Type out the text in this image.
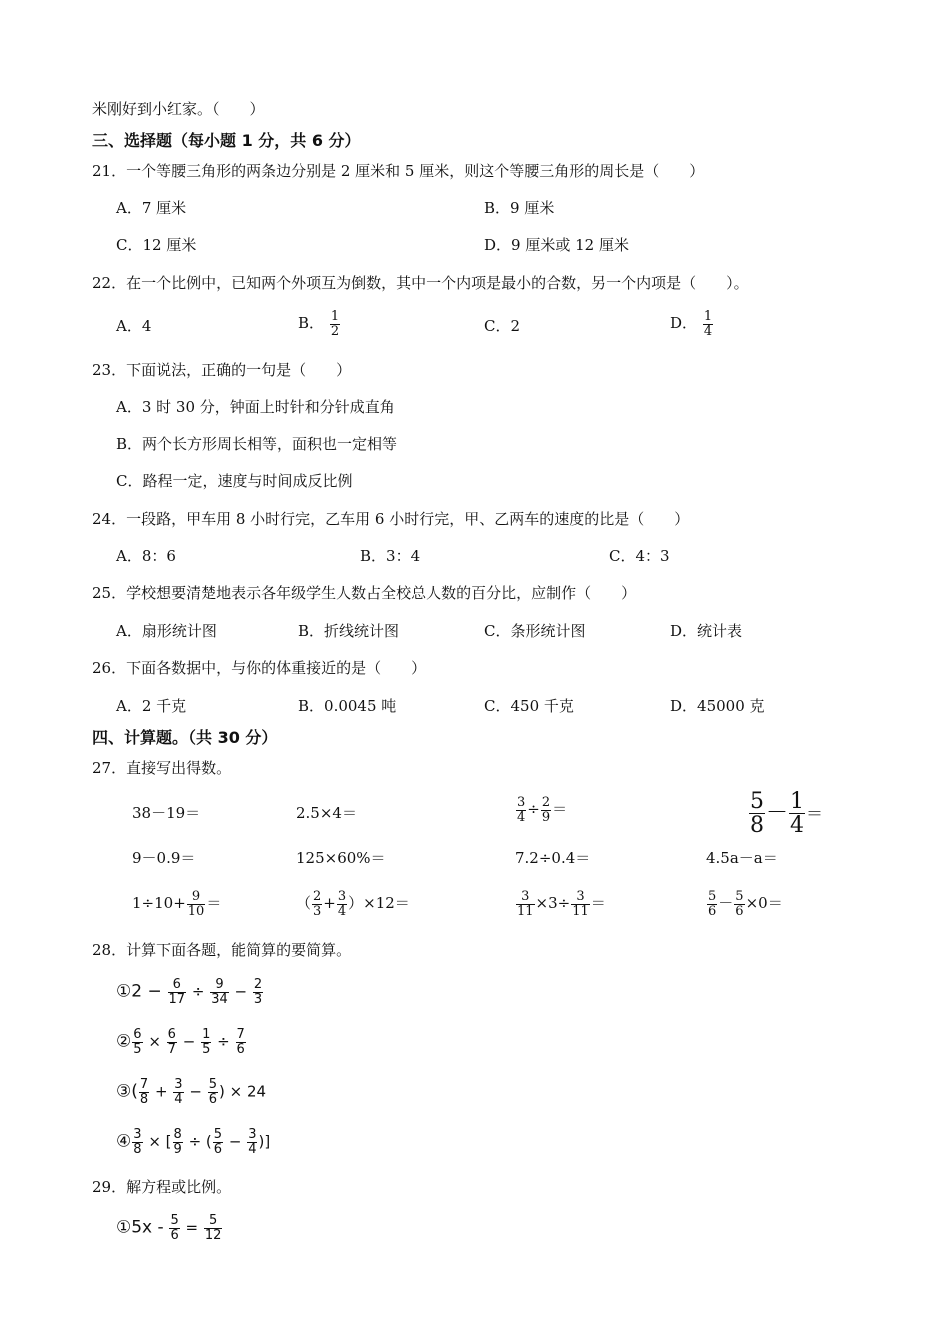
米刚好到小红家。（　　）
三、选择题（每小题 1 分，共 6 分）
21．一个等腰三角形的两条边分别是 2 厘米和 5 厘米，则这个等腰三角形的周长是（　　）
A．7 厘米	B．9 厘米
C．12 厘米	D．9 厘米或 12 厘米
22．在一个比例中，已知两个外项互为倒数，其中一个内项是最小的合数，另一个内项是（　　）。
A．4	B． $\frac{1}{2}$	C．2	D． $\frac{1}{4}$
23．下面说法，正确的一句是（　　）
A．3 时 30 分，钟面上时针和分针成直角
B．两个长方形周长相等，面积也一定相等
C．路程一定，速度与时间成反比例
24．一段路，甲车用 8 小时行完，乙车用 6 小时行完，甲、乙两车的速度的比是（　　）
A．8：6	B．3：4	C．4：3
25．学校想要清楚地表示各年级学生人数占全校总人数的百分比，应制作（　　）
A．扇形统计图	B．折线统计图	C．条形统计图	D．统计表
26．下面各数据中，与你的体重接近的是（　　）
A．2 千克	B．0.0045 吨	C．450 千克	D．45000 克
四、计算题。（共 30 分）
27．直接写出得数。
38－19＝	2.5×4＝	$\frac{3}{4} \div \frac{2}{9}$ ＝	$\frac{5}{8} - \frac{1}{4}$ ＝
9－0.9＝	125×60%＝	7.2÷0.4＝	4.5a－a＝
$1\div 10+ \frac{9}{10}$ ＝	（ $\frac{2}{3} + \frac{3}{4} )\times 12=$	$\frac{3}{11} \times 3\div \frac{3}{11}$ ＝	$\frac{5}{6} - \frac{5}{6} \times 0=$
28．计算下面各题，能简算的要简算。
①2 − $\frac{6}{17} \div \frac{9}{34} - \frac{2}{3}$
② $\frac{6}{5} \times \frac{6}{7} - \frac{1}{5} \div \frac{7}{6}$
③( $\frac{7}{8} + \frac{3}{4} - \frac{5}{6}$ ) × 24
④ $\frac{3}{8}$ × [ $\frac{8}{9}$ ÷ ( $\frac{5}{6} - \frac{3}{4}$ )]
29．解方程或比例。
①5x - $\frac{5}{6} = \frac{5}{12}$
